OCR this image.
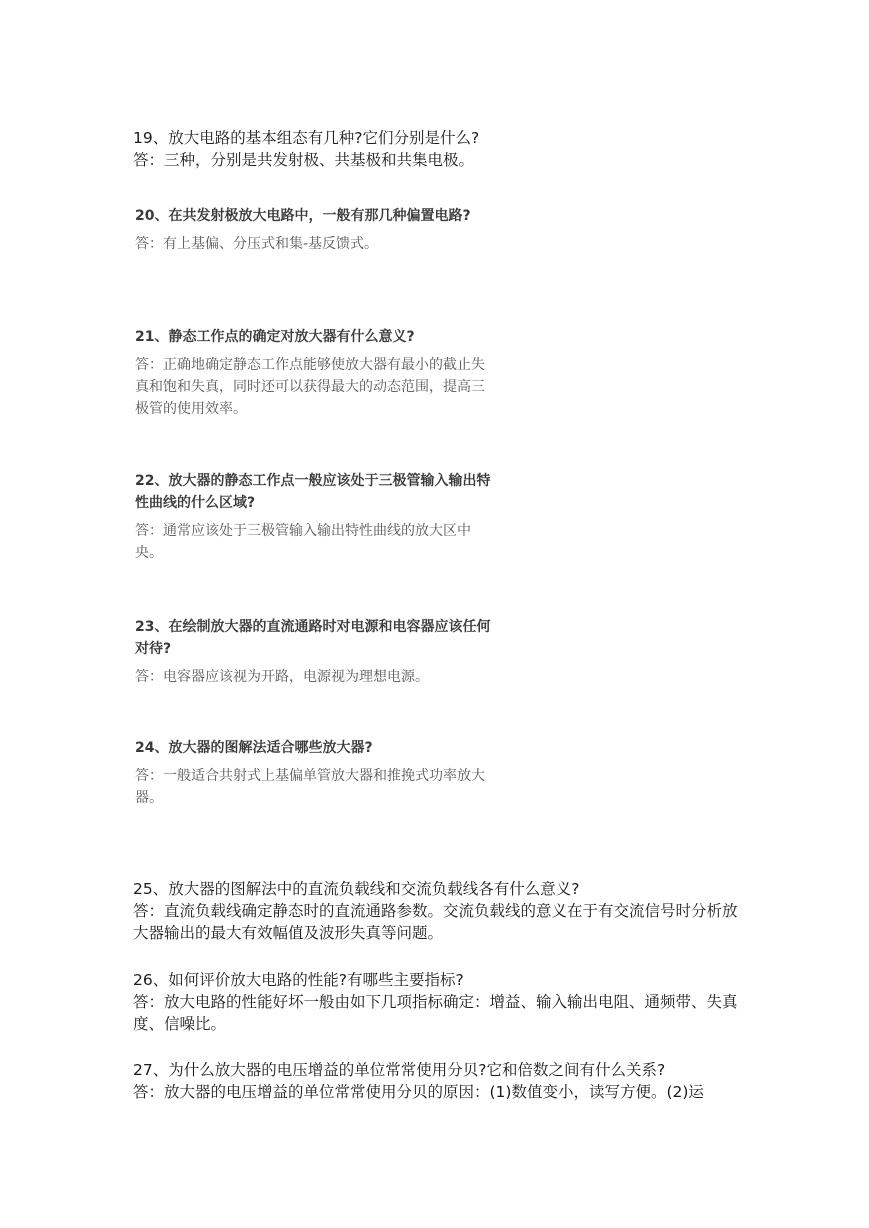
19、放大电路的基本组态有几种?它们分别是什么?

答：三种，分别是共发射极、共基极和共集电极。

20、在共发射极放大电路中，一般有那几种偏置电路?

答：有上基偏、分压式和集-基反馈式。

21、静态工作点的确定对放大器有什么意义?

答：正确地确定静态工作点能够使放大器有最小的截止失真和饱和失真，同时还可以获得最大的动态范围，提高三极管的使用效率。

22、放大器的静态工作点一般应该处于三极管输入输出特性曲线的什么区域?

答：通常应该处于三极管输入输出特性曲线的放大区中央。

23、在绘制放大器的直流通路时对电源和电容器应该任何对待?

答：电容器应该视为开路，电源视为理想电源。

24、放大器的图解法适合哪些放大器?

答：一般适合共射式上基偏单管放大器和推挽式功率放大器。

25、放大器的图解法中的直流负载线和交流负载线各有什么意义?

答：直流负载线确定静态时的直流通路参数。交流负载线的意义在于有交流信号时分析放大器输出的最大有效幅值及波形失真等问题。

26、如何评价放大电路的性能?有哪些主要指标?

答：放大电路的性能好坏一般由如下几项指标确定：增益、输入输出电阻、通频带、失真度、信噪比。

27、为什么放大器的电压增益的单位常常使用分贝?它和倍数之间有什么关系?

答：放大器的电压增益的单位常常使用分贝的原因：(1)数值变小，读写方便。(2)运
